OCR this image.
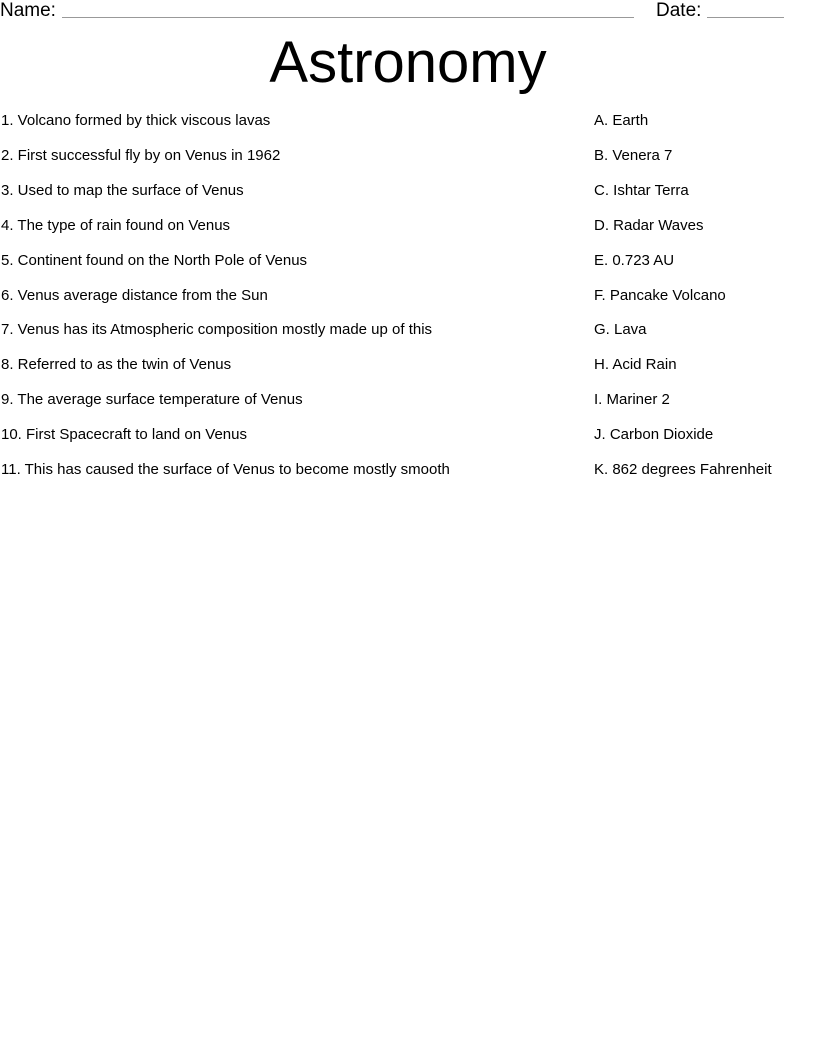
Name:	Date:
Astronomy
1. Volcano formed by thick viscous lavas	A. Earth
2. First successful fly by on Venus in 1962	B. Venera 7
3. Used to map the surface of Venus	C. Ishtar Terra
4. The type of rain found on Venus	D. Radar Waves
5. Continent found on the North Pole of Venus	E. 0.723 AU
6. Venus average distance from the Sun	F. Pancake Volcano
7. Venus has its Atmospheric composition mostly made up of this	G. Lava
8. Referred to as the twin of Venus	H. Acid Rain
9. The average surface temperature of Venus	I. Mariner 2
10. First Spacecraft to land on Venus	J. Carbon Dioxide
11. This has caused the surface of Venus to become mostly smooth	K. 862 degrees Fahrenheit
